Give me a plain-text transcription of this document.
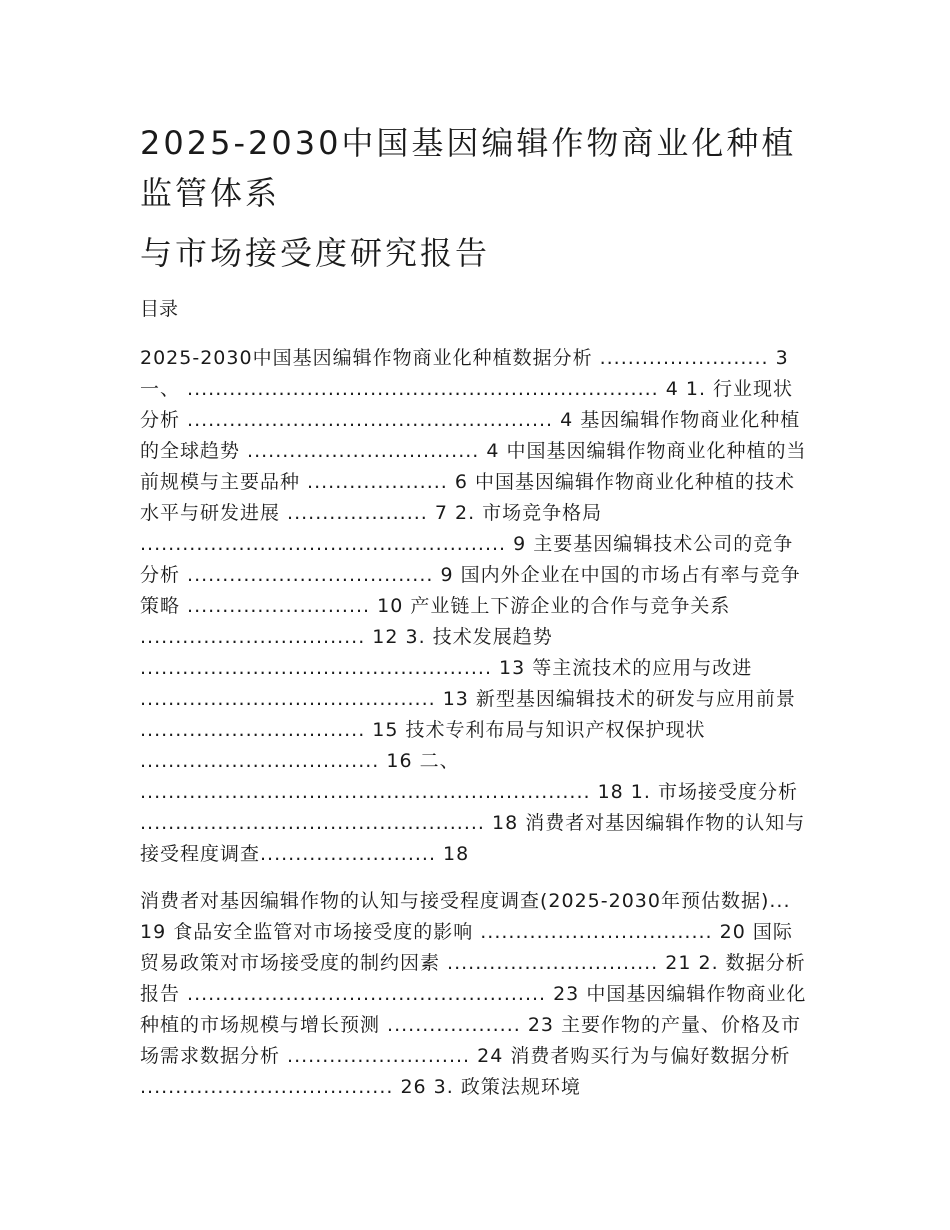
2025-2030中国基因编辑作物商业化种植监管体系
与市场接受度研究报告

目录

2025-2030中国基因编辑作物商业化种植数据分析 ........................ 3 一、 ................................................................... 4 1. 行业现状分析 .................................................... 4 基因编辑作物商业化种植的全球趋势 ................................. 4 中国基因编辑作物商业化种植的当前规模与主要品种 .................... 6 中国基因编辑作物商业化种植的技术水平与研发进展 .................... 7 2. 市场竞争格局 .................................................... 9 主要基因编辑技术公司的竞争分析 ................................... 9 国内外企业在中国的市场占有率与竞争策略 .......................... 10 产业链上下游企业的合作与竞争关系 ................................ 12 3. 技术发展趋势 .................................................. 13 等主流技术的应用与改进 .......................................... 13 新型基因编辑技术的研发与应用前景 ................................ 15 技术专利布局与知识产权保护现状 .................................. 16 二、 ................................................................ 18 1. 市场接受度分析 ................................................. 18 消费者对基因编辑作物的认知与接受程度调查......................... 18

消费者对基因编辑作物的认知与接受程度调查(2025-2030年预估数据)... 19 食品安全监管对市场接受度的影响 ................................. 20 国际贸易政策对市场接受度的制约因素 .............................. 21 2. 数据分析报告 ................................................... 23 中国基因编辑作物商业化种植的市场规模与增长预测 ................... 23 主要作物的产量、价格及市场需求数据分析 .......................... 24 消费者购买行为与偏好数据分析 .................................... 26 3. 政策法规环境
